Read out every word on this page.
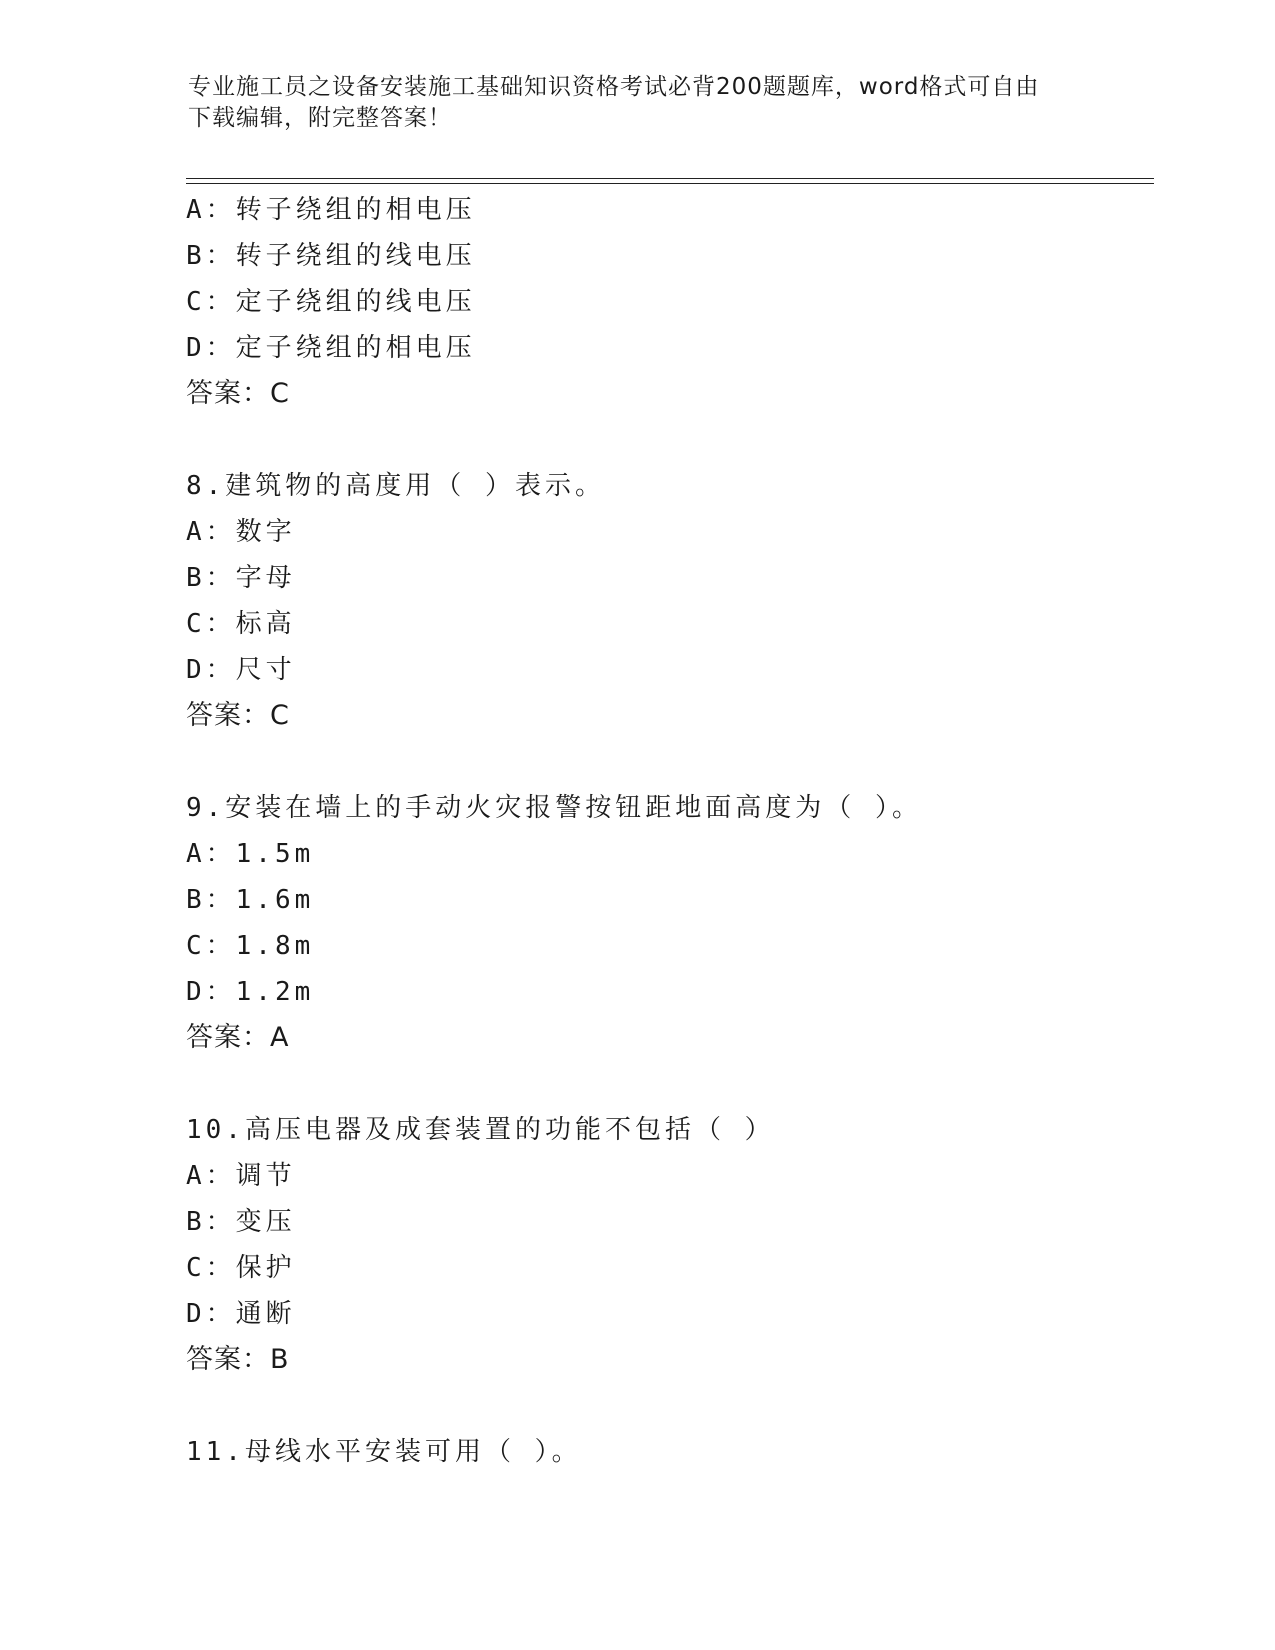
专业施工员之设备安装施工基础知识资格考试必背200题题库，word格式可自由
下载编辑，附完整答案！
A：转子绕组的相电压
B：转子绕组的线电压
C：定子绕组的线电压
D：定子绕组的相电压
答案：C
8.建筑物的高度用（ ）表示。
A：数字
B：字母
C：标高
D：尺寸
答案：C
9.安装在墙上的手动火灾报警按钮距地面高度为（ ）。
A：1.5m
B：1.6m
C：1.8m
D：1.2m
答案：A
10.高压电器及成套装置的功能不包括（ ）
A：调节
B：变压
C：保护
D：通断
答案：B
11.母线水平安装可用（ ）。
